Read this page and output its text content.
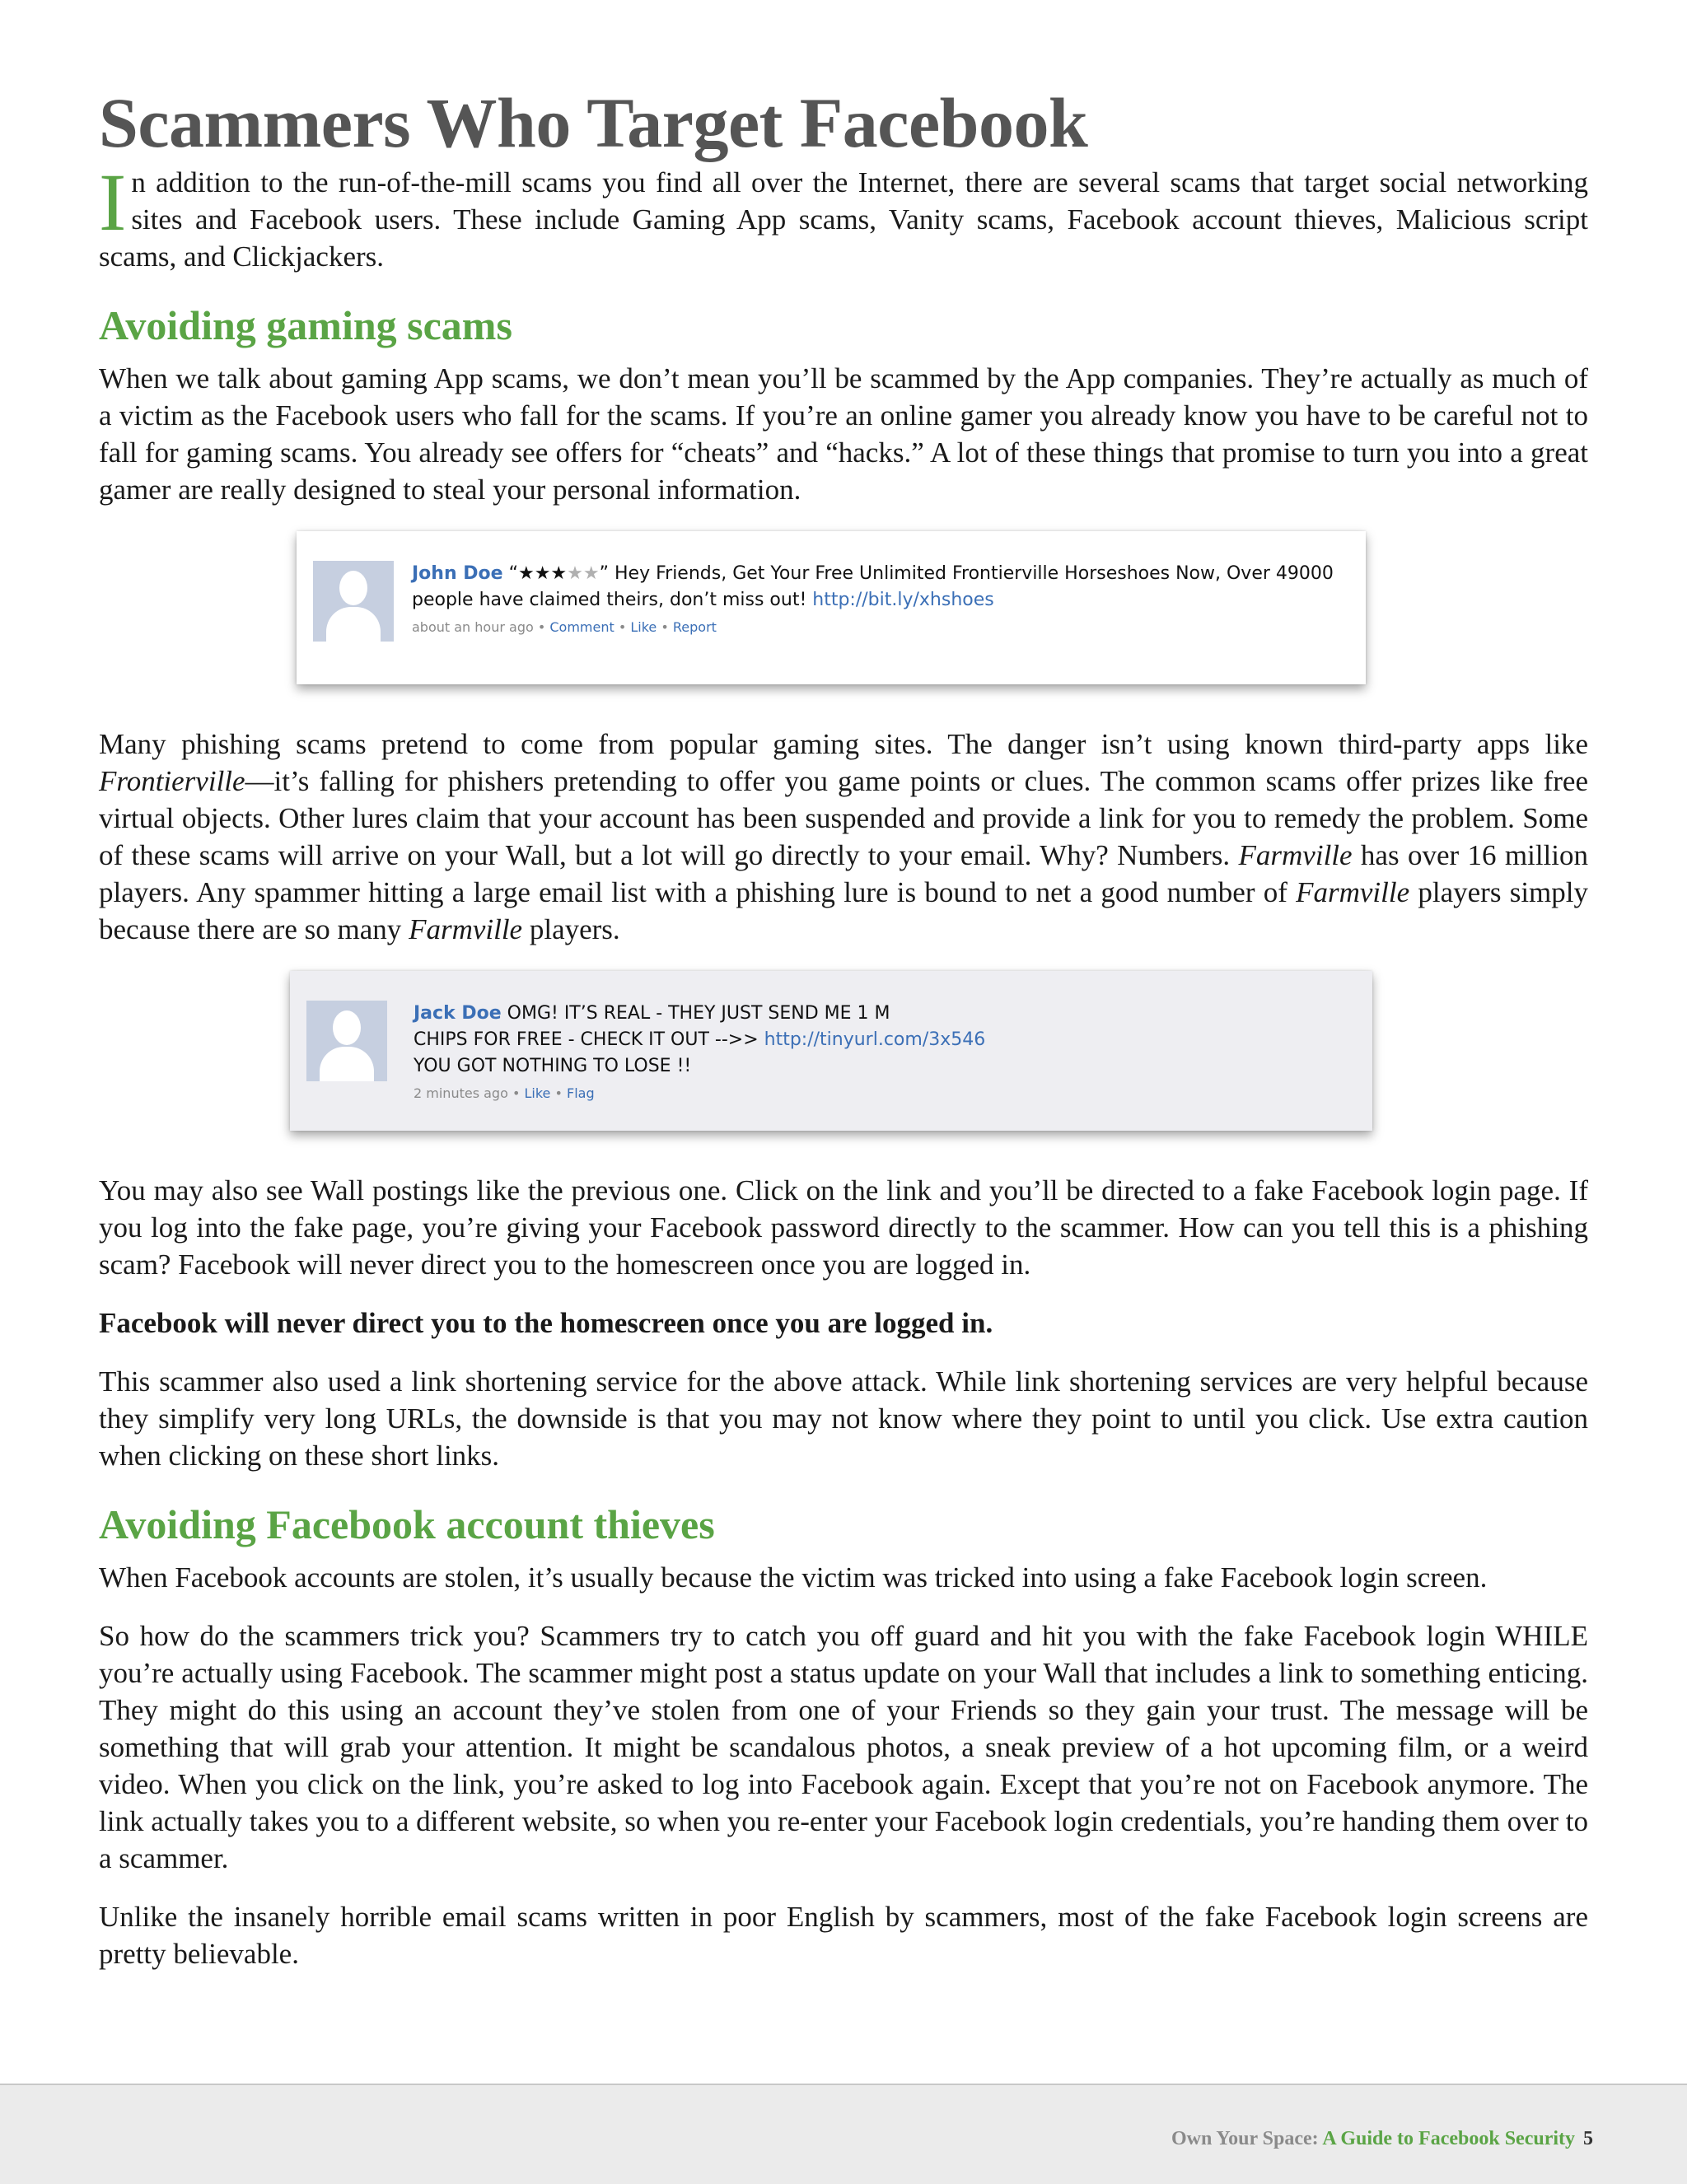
Scammers Who Target Facebook

In addition to the run-of-the-mill scams you find all over the Internet, there are several scams that target social networking sites and Facebook users. These include Gaming App scams, Vanity scams, Facebook account thieves, Malicious script scams, and Clickjackers.

Avoiding gaming scams

When we talk about gaming App scams, we don’t mean you’ll be scammed by the App companies. They’re actually as much of a victim as the Facebook users who fall for the scams. If you’re an online gamer you already know you have to be careful not to fall for gaming scams. You already see offers for “cheats” and “hacks.” A lot of these things that promise to turn you into a great gamer are really designed to steal your personal information.

John Doe “★★★★★” Hey Friends, Get Your Free Unlimited Frontierville Horseshoes Now, Over 49000 people have claimed theirs, don’t miss out! http://bit.ly/xhshoes
about an hour ago • Comment • Like • Report

Many phishing scams pretend to come from popular gaming sites. The danger isn’t using known third-party apps like Frontierville—it’s falling for phishers pretending to offer you game points or clues. The common scams offer prizes like free virtual objects. Other lures claim that your account has been suspended and provide a link for you to remedy the problem. Some of these scams will arrive on your Wall, but a lot will go directly to your email. Why? Numbers. Farmville has over 16 million players. Any spammer hitting a large email list with a phishing lure is bound to net a good number of Farmville players simply because there are so many Farmville players.

Jack Doe OMG! IT’S REAL - THEY JUST SEND ME 1 M
CHIPS FOR FREE - CHECK IT OUT -->> http://tinyurl.com/3x546
YOU GOT NOTHING TO LOSE !!
2 minutes ago • Like • Flag

You may also see Wall postings like the previous one. Click on the link and you’ll be directed to a fake Facebook login page. If you log into the fake page, you’re giving your Facebook password directly to the scammer. How can you tell this is a phishing scam? Facebook will never direct you to the homescreen once you are logged in.

Facebook will never direct you to the homescreen once you are logged in.

This scammer also used a link shortening service for the above attack. While link shortening services are very helpful because they simplify very long URLs, the downside is that you may not know where they point to until you click. Use extra caution when clicking on these short links.

Avoiding Facebook account thieves

When Facebook accounts are stolen, it’s usually because the victim was tricked into using a fake Facebook login screen.

So how do the scammers trick you? Scammers try to catch you off guard and hit you with the fake Facebook login WHILE you’re actually using Facebook. The scammer might post a status update on your Wall that includes a link to something enticing. They might do this using an account they’ve stolen from one of your Friends so they gain your trust. The message will be something that will grab your attention. It might be scandalous photos, a sneak preview of a hot upcoming film, or a weird video. When you click on the link, you’re asked to log into Facebook again. Except that you’re not on Facebook anymore. The link actually takes you to a different website, so when you re-enter your Facebook login credentials, you’re handing them over to a scammer.

Unlike the insanely horrible email scams written in poor English by scammers, most of the fake Facebook login screens are pretty believable.

Own Your Space: A Guide to Facebook Security 5
